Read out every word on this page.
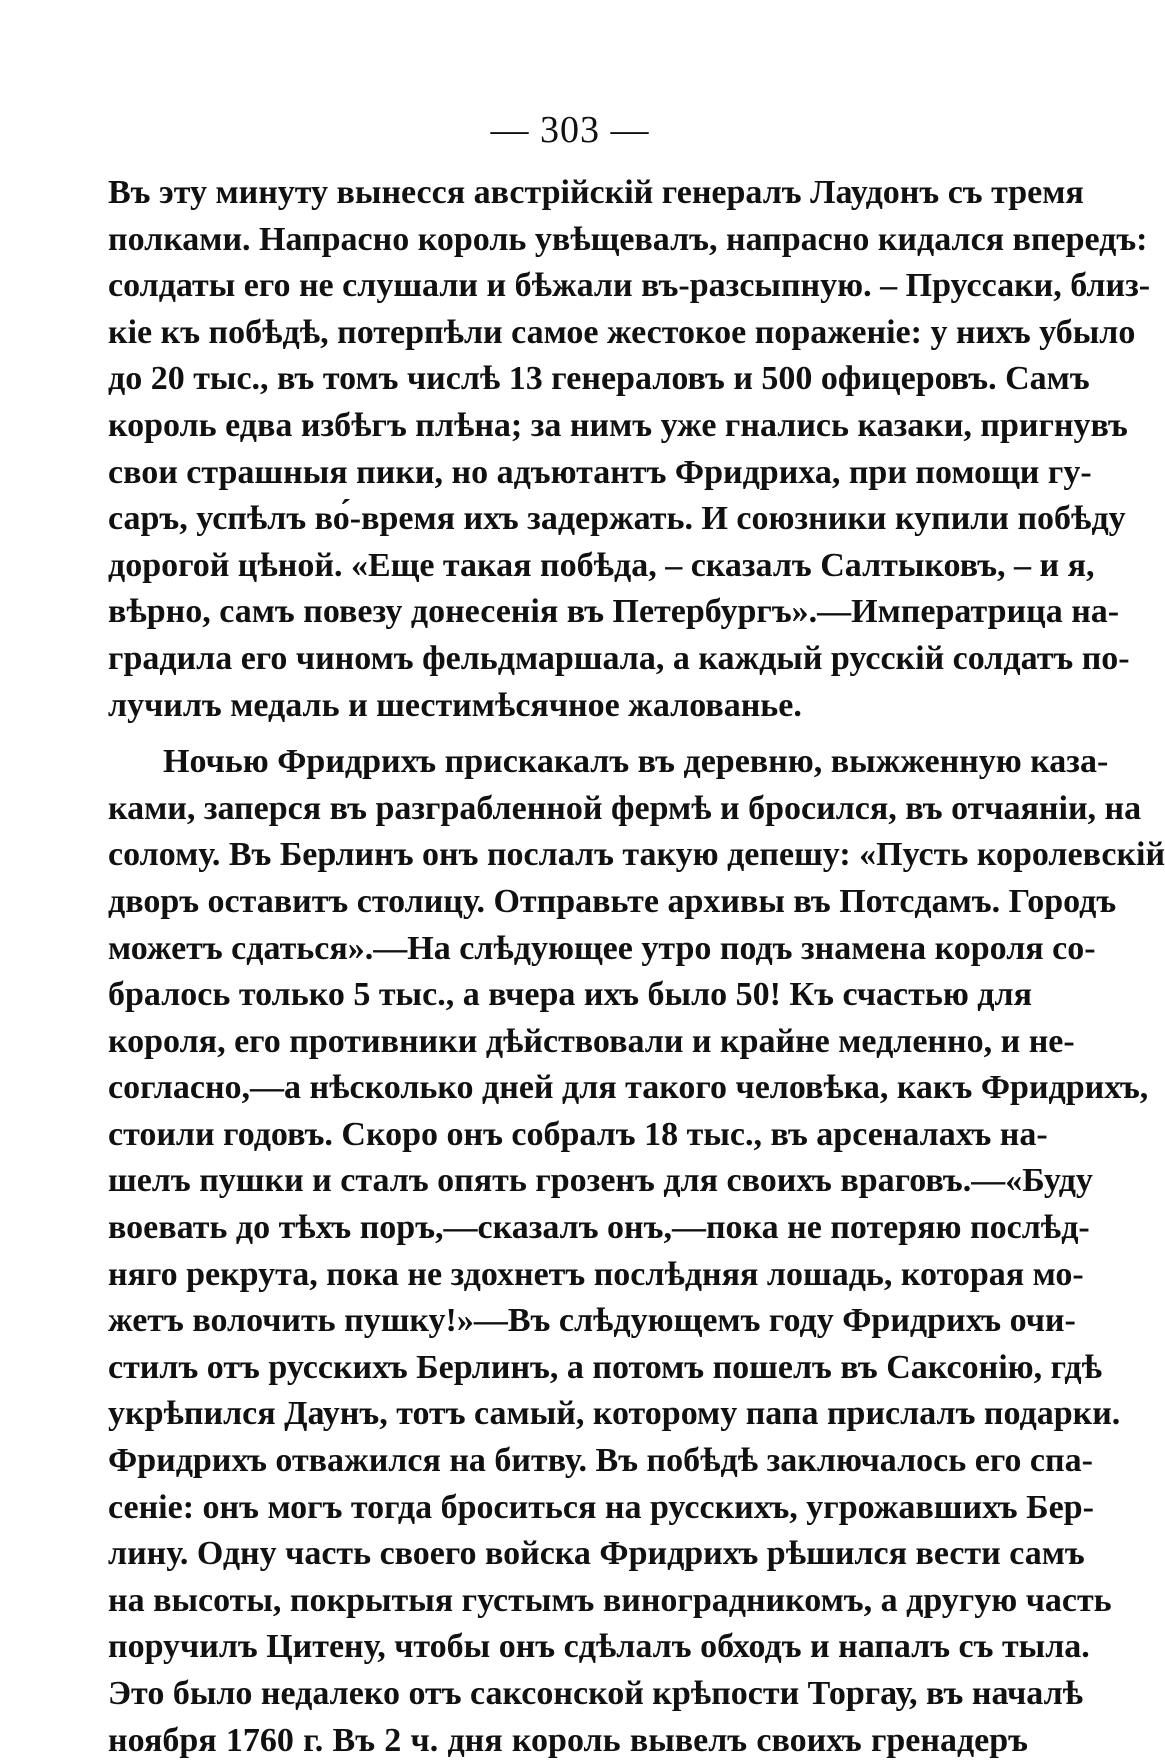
— 303 —
Въ эту минуту вынесся австрійскій генералъ Лаудонъ съ тремя
полками. Напрасно король увѣщевалъ, напрасно кидался впередъ:
солдаты его не слушали и бѣжали въ-разсыпную. – Пруссаки, близ-
кіе къ побѣдѣ, потерпѣли самое жестокое пораженіе: у нихъ убыло
до 20 тыс., въ томъ числѣ 13 генераловъ и 500 офицеровъ. Самъ
король едва избѣгъ плѣна; за нимъ уже гнались казаки, пригнувъ
свои страшныя пики, но адъютантъ Фридриха, при помощи гу-
саръ, успѣлъ во́-время ихъ задержать. И союзники купили побѣду
дорогой цѣной. «Еще такая побѣда, – сказалъ Салтыковъ, – и я,
вѣрно, самъ повезу донесенія въ Петербургъ».—Императрица на-
градила его чиномъ фельдмаршала, а каждый русскій солдатъ по-
лучилъ медаль и шестимѣсячное жалованье.
Ночью Фридрихъ прискакалъ въ деревню, выжженную каза-
ками, заперся въ разграбленной фермѣ и бросился, въ отчаяніи, на
солому. Въ Берлинъ онъ послалъ такую депешу: «Пусть королевскій
дворъ оставитъ столицу. Отправьте архивы въ Потсдамъ. Городъ
можетъ сдаться».—На слѣдующее утро подъ знамена короля со-
бралось только 5 тыс., а вчера ихъ было 50! Къ счастью для
короля, его противники дѣйствовали и крайне медленно, и не-
согласно,—а нѣсколько дней для такого человѣка, какъ Фридрихъ,
стоили годовъ. Скоро онъ собралъ 18 тыс., въ арсеналахъ на-
шелъ пушки и сталъ опять грозенъ для своихъ враговъ.—«Буду
воевать до тѣхъ поръ,—сказалъ онъ,—пока не потеряю послѣд-
няго рекрута, пока не здохнетъ послѣдняя лошадь, которая мо-
жетъ волочить пушку!»—Въ слѣдующемъ году Фридрихъ очи-
стилъ отъ русскихъ Берлинъ, а потомъ пошелъ въ Саксонію, гдѣ
укрѣпился Даунъ, тотъ самый, которому папа прислалъ подарки.
Фридрихъ отважился на битву. Въ побѣдѣ заключалось его спа-
сеніе: онъ могъ тогда броситься на русскихъ, угрожавшихъ Бер-
лину. Одну часть своего войска Фридрихъ рѣшился вести самъ
на высоты, покрытыя густымъ виноградникомъ, а другую часть
поручилъ Цитену, чтобы онъ сдѣлалъ обходъ и напалъ съ тыла.
Это было недалеко отъ саксонской крѣпости Торгау, въ началѣ
ноября 1760 г. Въ 2 ч. дня король вывелъ своихъ гренадеръ
